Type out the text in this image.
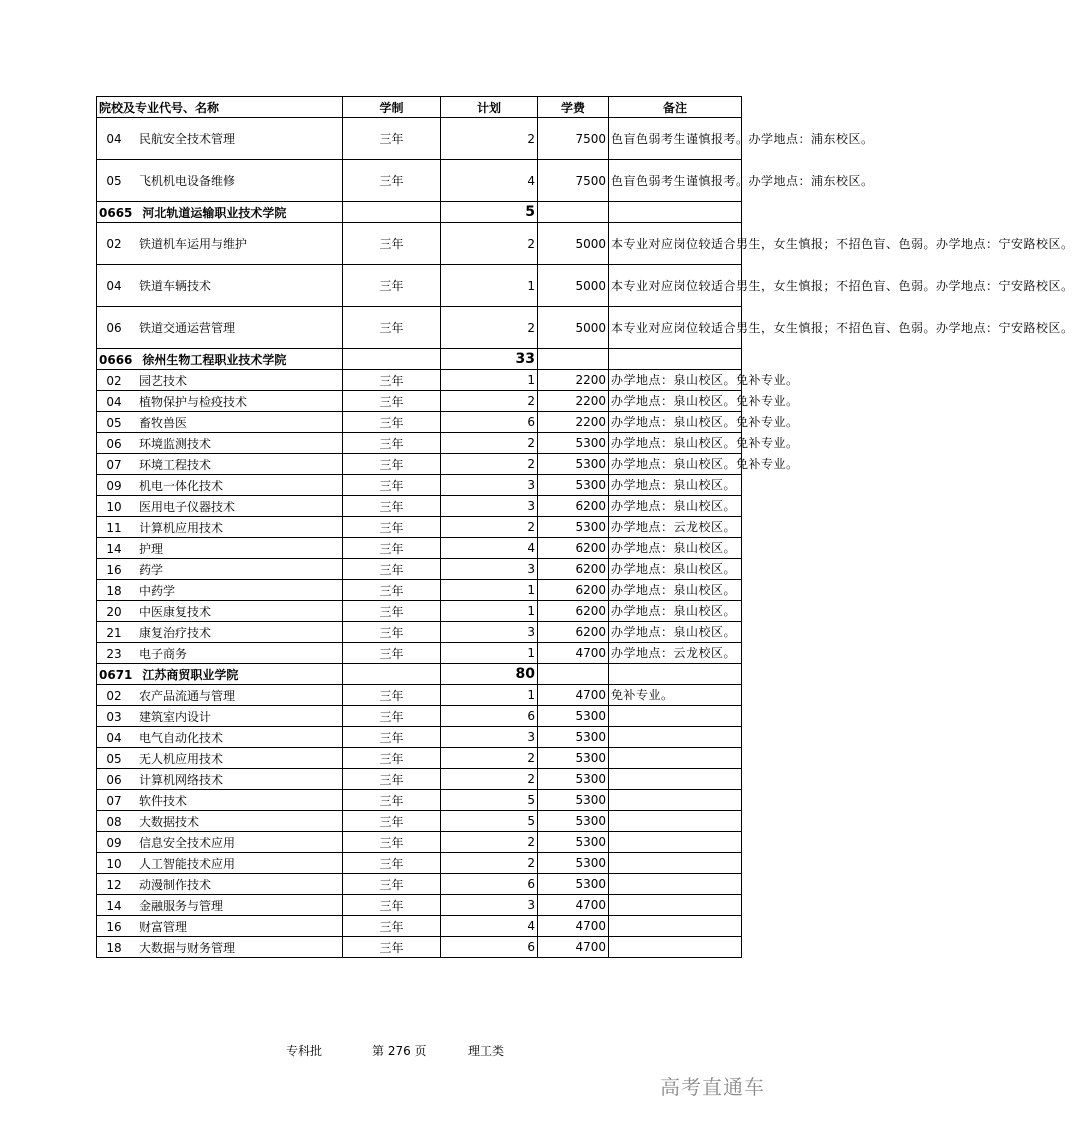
院校及专业代号、名称	学制	计划	学费	备注
04 民航安全技术管理	三年	2	7500	色盲色弱考生谨慎报考。办学地点：浦东校区。
05 飞机机电设备维修	三年	4	7500	色盲色弱考生谨慎报考。办学地点：浦东校区。
0665 河北轨道运输职业技术学院		5		
02 铁道机车运用与维护	三年	2	5000	本专业对应岗位较适合男生，女生慎报；不招色盲、色弱。办学地点：宁安路校区。
04 铁道车辆技术	三年	1	5000	本专业对应岗位较适合男生，女生慎报；不招色盲、色弱。办学地点：宁安路校区。
06 铁道交通运营管理	三年	2	5000	本专业对应岗位较适合男生，女生慎报；不招色盲、色弱。办学地点：宁安路校区。
0666 徐州生物工程职业技术学院		33		
02 园艺技术	三年	1	2200	办学地点：泉山校区。免补专业。
04 植物保护与检疫技术	三年	2	2200	办学地点：泉山校区。免补专业。
05 畜牧兽医	三年	6	2200	办学地点：泉山校区。免补专业。
06 环境监测技术	三年	2	5300	办学地点：泉山校区。免补专业。
07 环境工程技术	三年	2	5300	办学地点：泉山校区。免补专业。
09 机电一体化技术	三年	3	5300	办学地点：泉山校区。
10 医用电子仪器技术	三年	3	6200	办学地点：泉山校区。
11 计算机应用技术	三年	2	5300	办学地点：云龙校区。
14 护理	三年	4	6200	办学地点：泉山校区。
16 药学	三年	3	6200	办学地点：泉山校区。
18 中药学	三年	1	6200	办学地点：泉山校区。
20 中医康复技术	三年	1	6200	办学地点：泉山校区。
21 康复治疗技术	三年	3	6200	办学地点：泉山校区。
23 电子商务	三年	1	4700	办学地点：云龙校区。
0671 江苏商贸职业学院		80		
02 农产品流通与管理	三年	1	4700	免补专业。
03 建筑室内设计	三年	6	5300	
04 电气自动化技术	三年	3	5300	
05 无人机应用技术	三年	2	5300	
06 计算机网络技术	三年	2	5300	
07 软件技术	三年	5	5300	
08 大数据技术	三年	5	5300	
09 信息安全技术应用	三年	2	5300	
10 人工智能技术应用	三年	2	5300	
12 动漫制作技术	三年	6	5300	
14 金融服务与管理	三年	3	4700	
16 财富管理	三年	4	4700	
18 大数据与财务管理	三年	6	4700	
专科批	第 276 页	理工类
高考直通车
